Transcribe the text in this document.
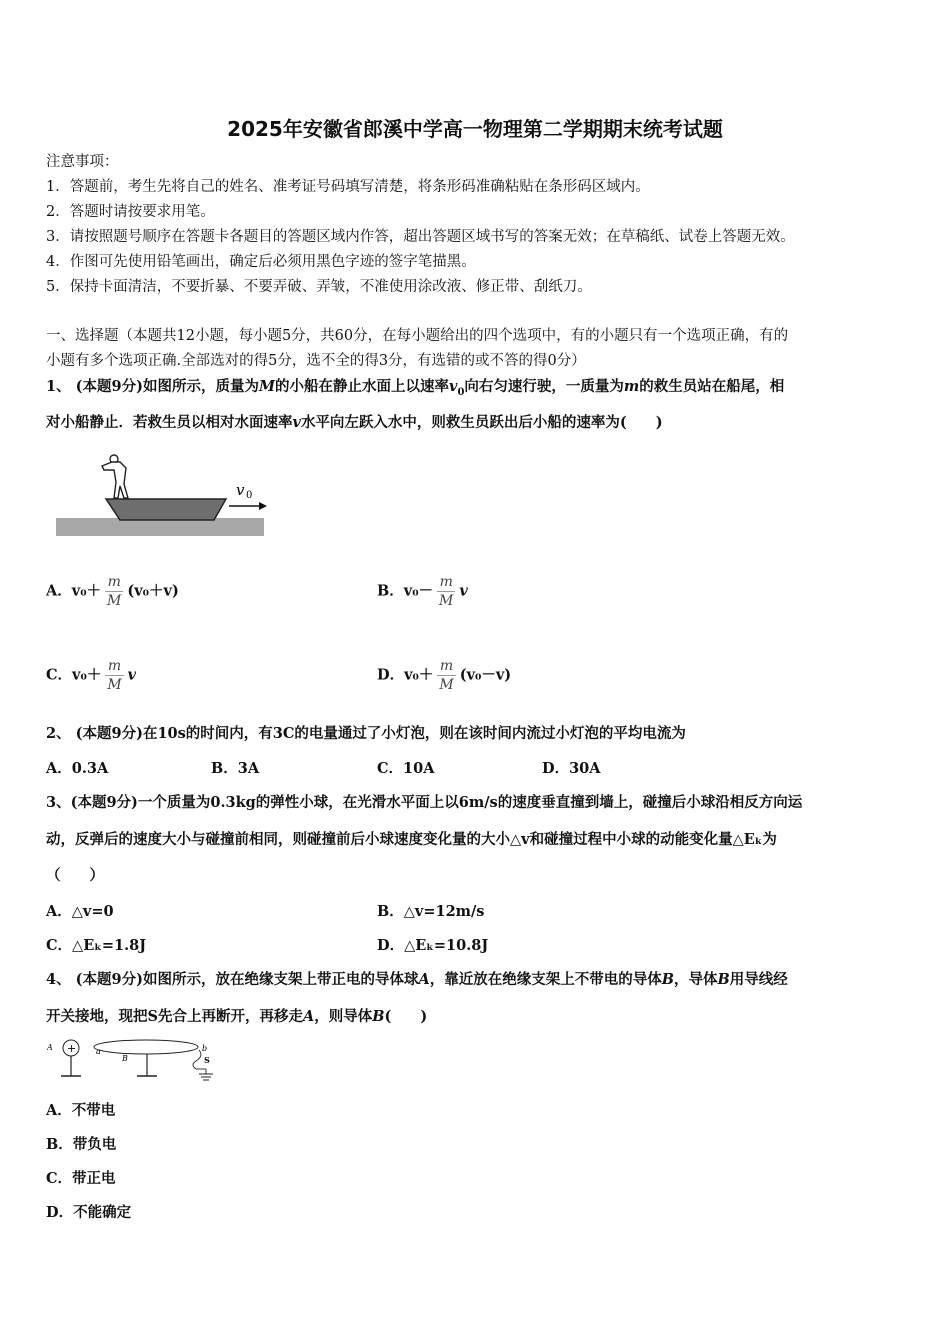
2025年安徽省郎溪中学高一物理第二学期期末统考试题
注意事项：
1．答题前，考生先将自己的姓名、准考证号码填写清楚，将条形码准确粘贴在条形码区域内。
2．答题时请按要求用笔。
3．请按照题号顺序在答题卡各题目的答题区域内作答，超出答题区域书写的答案无效；在草稿纸、试卷上答题无效。
4．作图可先使用铅笔画出，确定后必须用黑色字迹的签字笔描黑。
5．保持卡面清洁，不要折暴、不要弄破、弄皱，不准使用涂改液、修正带、刮纸刀。
一、选择题（本题共12小题，每小题5分，共60分，在每小题给出的四个选项中，有的小题只有一个选项正确，有的
小题有多个选项正确.全部选对的得5分，选不全的得3分，有选错的或不答的得0分）
1、 (本题9分)如图所示，质量为M的小船在静止水面上以速率$v_0$向右匀速行驶，一质量为m的救生员站在船尾，相
对小船静止．若救生员以相对水面速率v水平向左跃入水中，则救生员跃出后小船的速率为(　　)
v 0
A．$v_0+ \frac{m}{M} (v_0+v)$	B．$v_0- \frac{m}{M}$ v
C．$v_0+ \frac{m}{M}$ v	D．$v_0+ \frac{m}{M} (v_0-v)$
2、 (本题9分)在10s的时间内，有3C的电量通过了小灯泡，则在该时间内流过小灯泡的平均电流为
A．0.3A	B．3A	C．10A	D．30A
3、(本题9分)一个质量为0.3kg的弹性小球，在光滑水平面上以6m/s的速度垂直撞到墙上，碰撞后小球沿相反方向运
动，反弹后的速度大小与碰撞前相同，则碰撞前后小球速度变化量的大小△v和碰撞过程中小球的动能变化量△Eₖ为
（　　）
A．△v=0	B．△v=12m/s
C．△Eₖ=1.8J	D．△Eₖ=10.8J
4、 (本题9分)如图所示，放在绝缘支架上带正电的导体球A，靠近放在绝缘支架上不带电的导体B，导体B用导线经
开关接地，现把S先合上再断开，再移走A，则导体B(　　)
A + a
B
b
S
A．不带电
B．带负电
C．带正电
D．不能确定
